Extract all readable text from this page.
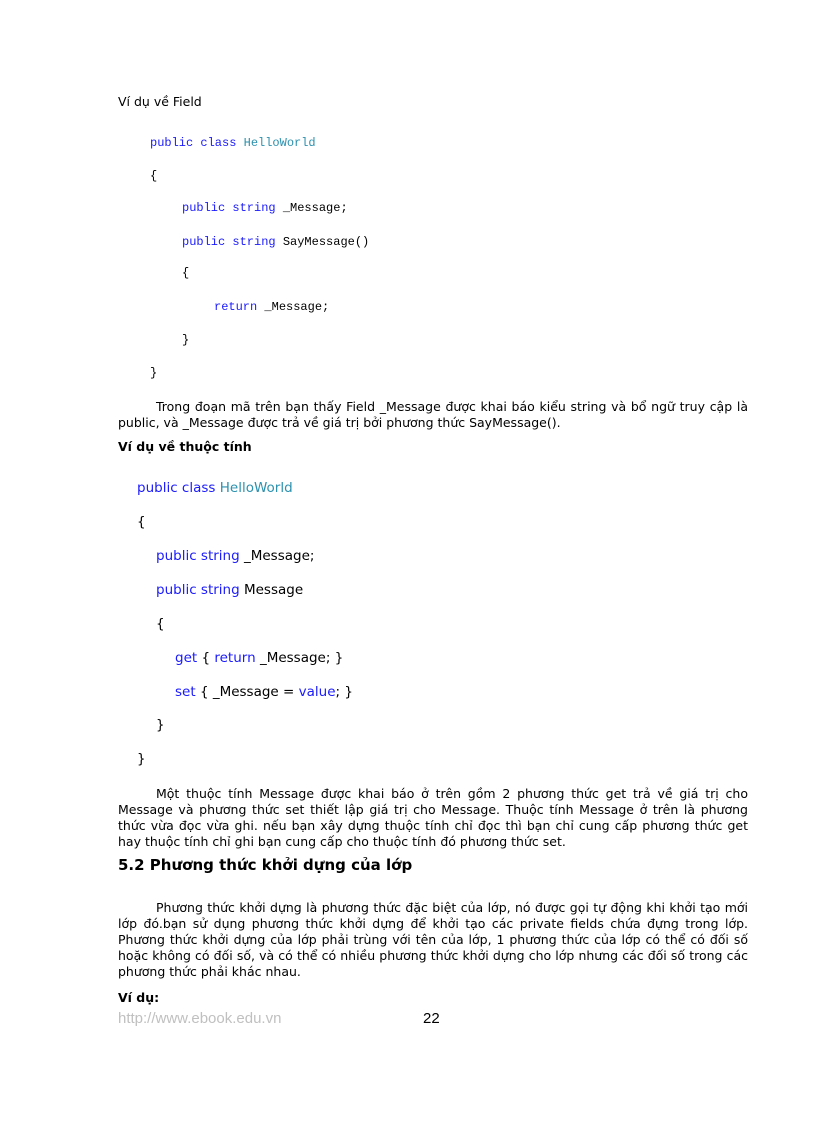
Ví dụ về Field
public class HelloWorld
{
public string _Message;
public string SayMessage()
{
return _Message;
}
}
Trong đoạn mã trên bạn thấy Field _Message được khai báo kiểu string và bổ ngữ truy cập là public, và _Message được trả về giá trị bởi phương thức SayMessage().
Ví dụ về thuộc tính
public class HelloWorld
{
public string _Message;
public string Message
{
get { return _Message; }
set { _Message = value; }
}
}
Một thuộc tính Message được khai báo ở trên gồm 2 phương thức get trả về giá trị cho Message và phương thức set thiết lập giá trị cho Message. Thuộc tính Message ở trên là phương thức vừa đọc vừa ghi. nếu bạn xây dựng thuộc tính chỉ đọc thì bạn chỉ cung cấp phương thức get hay thuộc tính chỉ ghi bạn cung cấp cho thuộc tính đó phương thức set.
5.2 Phương thức khởi dựng của lớp
Phương thức khởi dựng là phương thức đặc biệt của lớp, nó được gọi tự động khi khởi tạo mới lớp đó.bạn sử dụng phương thức khởi dựng để khởi tạo các private fields chứa đựng trong lớp. Phương thức khởi dựng của lớp phải trùng với tên của lớp, 1 phương thức của lớp có thể có đối số hoặc không có đối số, và có thể có nhiều phương thức khởi dựng cho lớp nhưng các đối số trong các phương thức phải khác nhau.
Ví dụ:
http://www.ebook.edu.vn	22
